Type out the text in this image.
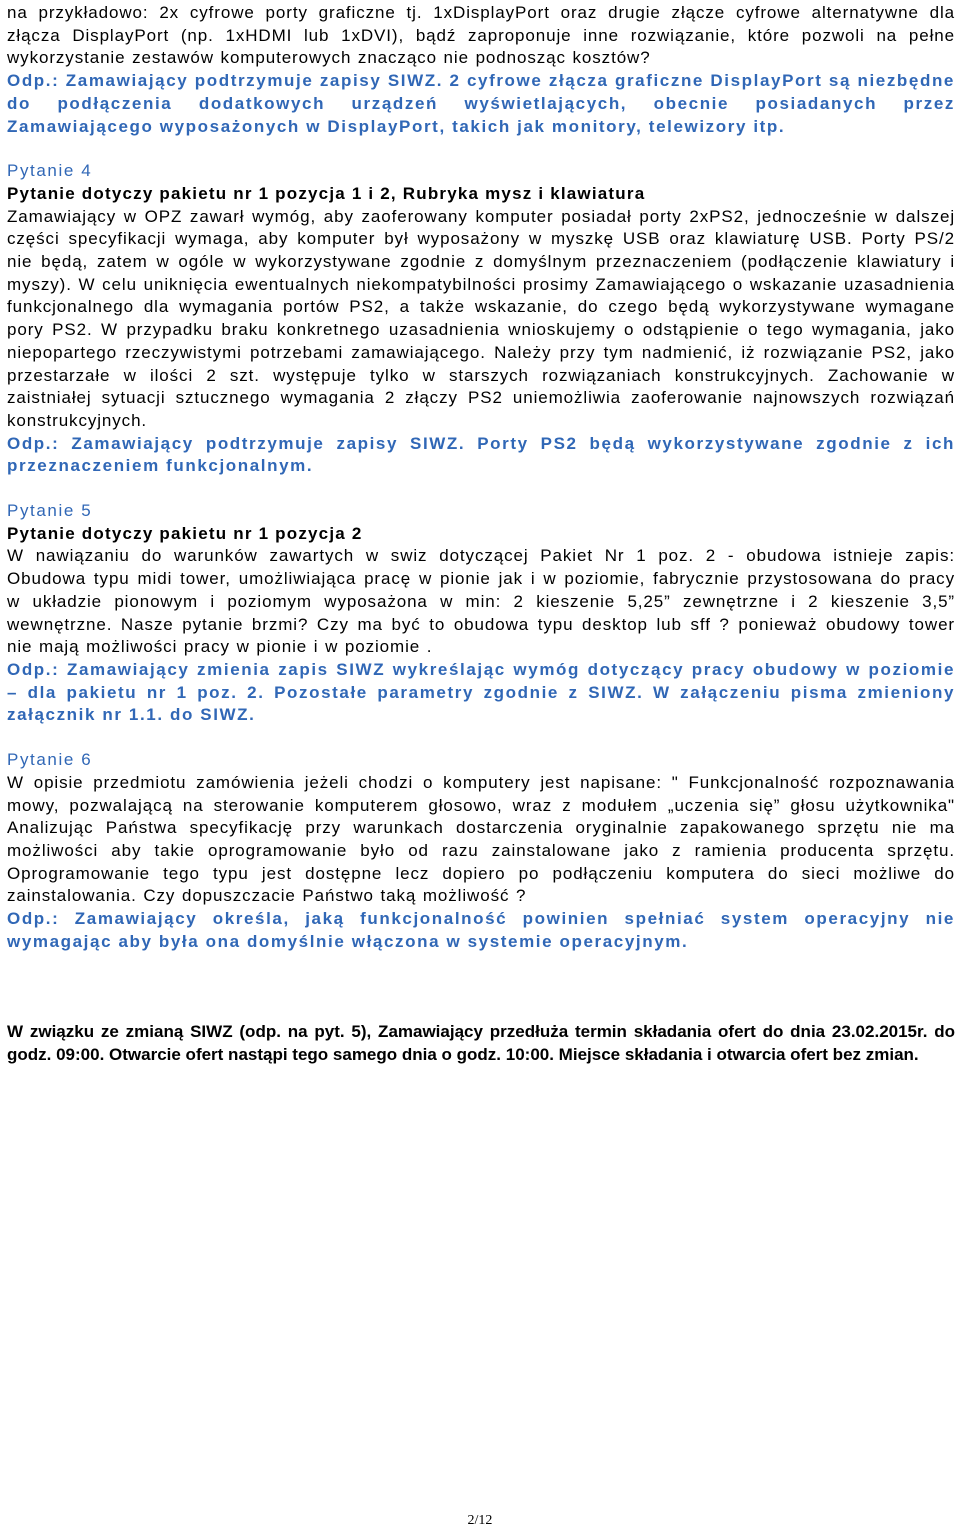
na przykładowo: 2x cyfrowe porty graficzne tj. 1xDisplayPort oraz drugie złącze cyfrowe alternatywne dla złącza DisplayPort (np. 1xHDMI lub 1xDVI), bądź zaproponuje inne rozwiązanie, które pozwoli na pełne wykorzystanie zestawów komputerowych znacząco nie podnosząc kosztów?

Odp.: Zamawiający podtrzymuje zapisy SIWZ. 2 cyfrowe złącza graficzne DisplayPort są niezbędne do podłączenia dodatkowych urządzeń wyświetlających, obecnie posiadanych przez Zamawiającego wyposażonych w DisplayPort, takich jak monitory, telewizory itp.

Pytanie 4

Pytanie dotyczy pakietu nr 1 pozycja 1 i 2, Rubryka mysz i klawiatura

Zamawiający w OPZ zawarł wymóg, aby zaoferowany komputer posiadał porty 2xPS2, jednocześnie w dalszej części specyfikacji wymaga, aby komputer był wyposażony w myszkę USB oraz klawiaturę USB. Porty PS/2 nie będą, zatem w ogóle w wykorzystywane zgodnie z domyślnym przeznaczeniem (podłączenie klawiatury i myszy). W celu uniknięcia ewentualnych niekompatybilności prosimy Zamawiającego o wskazanie uzasadnienia funkcjonalnego dla wymagania portów PS2, a także wskazanie, do czego będą wykorzystywane wymagane pory PS2. W przypadku braku konkretnego uzasadnienia wnioskujemy o odstąpienie o tego wymagania, jako niepopartego rzeczywistymi potrzebami zamawiającego. Należy przy tym nadmienić, iż rozwiązanie PS2, jako przestarzałe w ilości 2 szt. występuje tylko w starszych rozwiązaniach konstrukcyjnych. Zachowanie w zaistniałej sytuacji sztucznego wymagania 2 złączy PS2 uniemożliwia zaoferowanie najnowszych rozwiązań konstrukcyjnych.

Odp.: Zamawiający podtrzymuje zapisy SIWZ. Porty PS2 będą wykorzystywane zgodnie z ich przeznaczeniem funkcjonalnym.

Pytanie 5

Pytanie dotyczy pakietu nr 1 pozycja 2

W nawiązaniu do warunków zawartych w swiz dotyczącej Pakiet Nr 1 poz. 2 - obudowa istnieje zapis: Obudowa typu midi tower, umożliwiająca pracę w pionie jak i w poziomie, fabrycznie przystosowana do pracy w układzie pionowym i poziomym wyposażona w min: 2 kieszenie 5,25” zewnętrzne i 2 kieszenie 3,5” wewnętrzne. Nasze pytanie brzmi? Czy ma być to obudowa typu desktop lub sff ? ponieważ obudowy tower nie mają możliwości pracy w pionie i w poziomie .

Odp.: Zamawiający zmienia zapis SIWZ wykreślając wymóg dotyczący pracy obudowy w poziomie – dla pakietu nr 1 poz. 2. Pozostałe parametry zgodnie z SIWZ. W załączeniu pisma zmieniony załącznik nr 1.1. do SIWZ.

Pytanie 6

W opisie przedmiotu zamówienia jeżeli chodzi o komputery jest napisane: " Funkcjonalność rozpoznawania mowy, pozwalającą na sterowanie komputerem głosowo, wraz z modułem „uczenia się” głosu użytkownika" Analizując Państwa specyfikację przy warunkach dostarczenia oryginalnie zapakowanego sprzętu nie ma możliwości aby takie oprogramowanie było od razu zainstalowane jako z ramienia producenta sprzętu. Oprogramowanie tego typu jest dostępne lecz dopiero po podłączeniu komputera do sieci możliwe do zainstalowania. Czy dopuszczacie Państwo taką możliwość ?

Odp.: Zamawiający określa, jaką funkcjonalność powinien spełniać system operacyjny nie wymagając aby była ona domyślnie włączona w systemie operacyjnym.

W związku ze zmianą SIWZ (odp. na pyt. 5), Zamawiający przedłuża termin składania ofert do dnia 23.02.2015r. do godz. 09:00. Otwarcie ofert nastąpi tego samego dnia o godz. 10:00. Miejsce składania i otwarcia ofert bez zmian.

2/12
